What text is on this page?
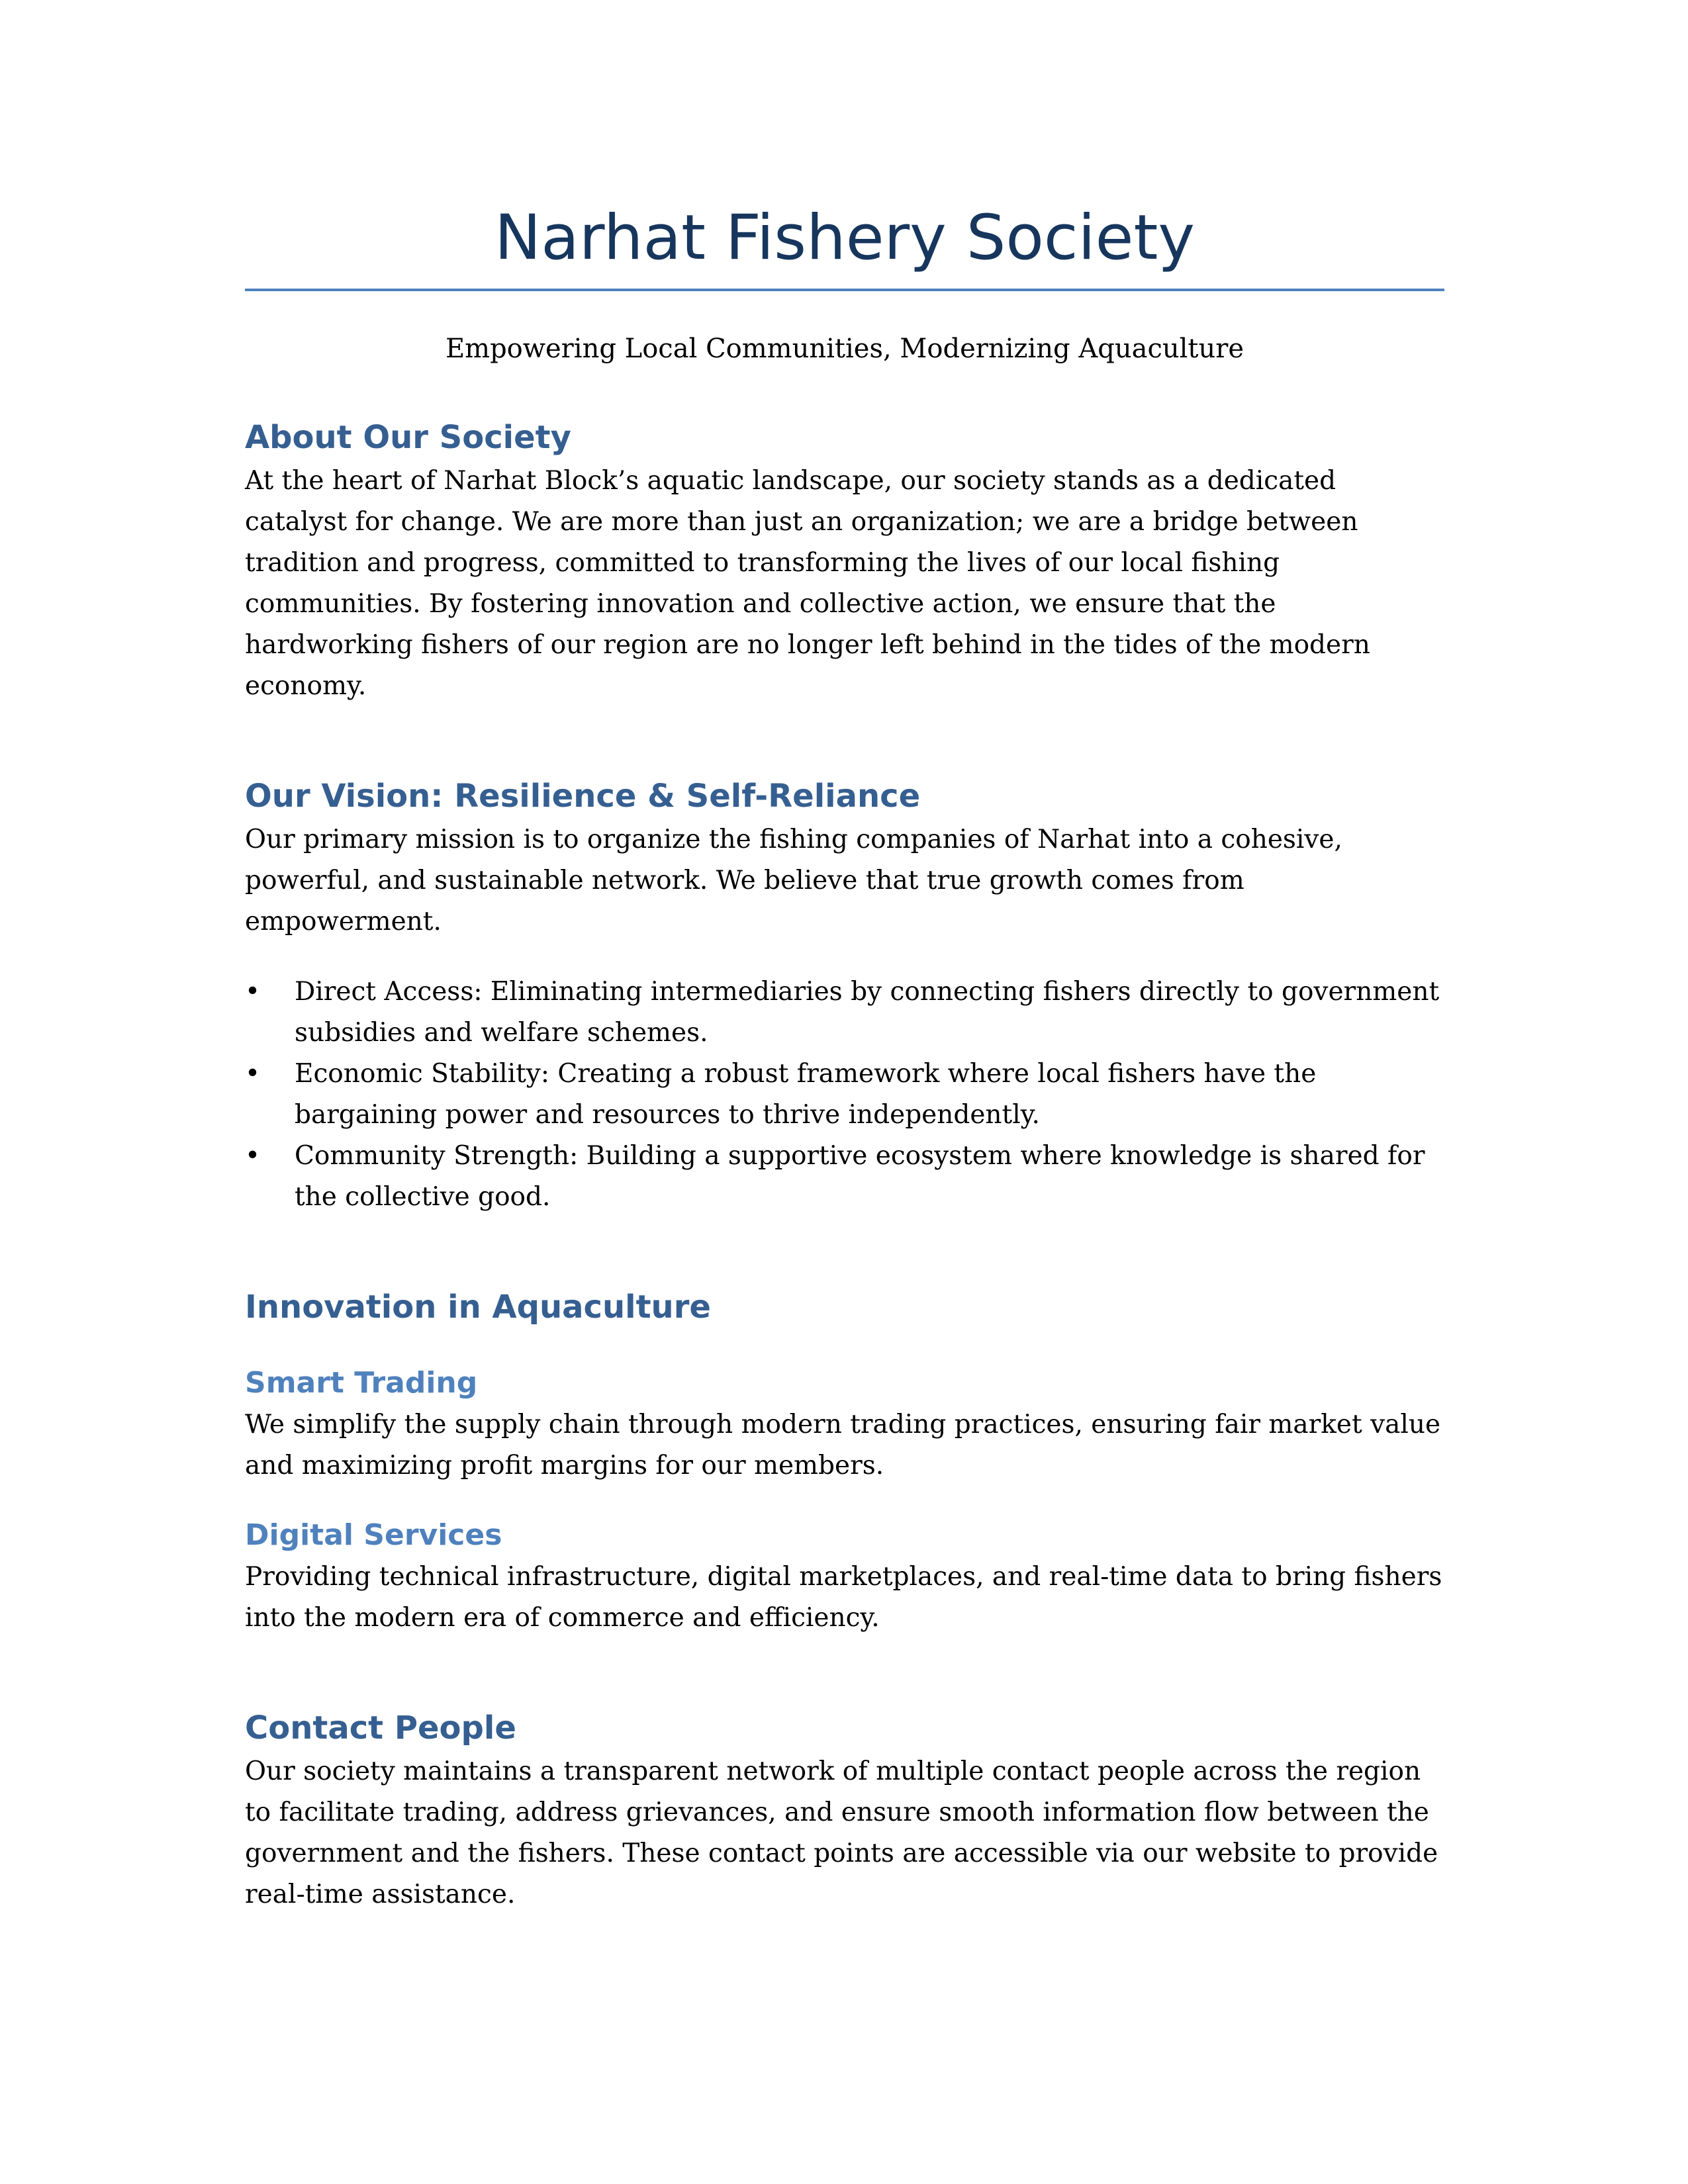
Narhat Fishery Society
Empowering Local Communities, Modernizing Aquaculture
About Our Society

At the heart of Narhat Block’s aquatic landscape, our society stands as a dedicated catalyst for change. We are more than just an organization; we are a bridge between tradition and progress, committed to transforming the lives of our local fishing communities. By fostering innovation and collective action, we ensure that the hardworking fishers of our region are no longer left behind in the tides of the modern economy.

Our Vision: Resilience & Self-Reliance

Our primary mission is to organize the fishing companies of Narhat into a cohesive, powerful, and sustainable network. We believe that true growth comes from empowerment.

• Direct Access: Eliminating intermediaries by connecting fishers directly to government subsidies and welfare schemes.
• Economic Stability: Creating a robust framework where local fishers have the bargaining power and resources to thrive independently.
• Community Strength: Building a supportive ecosystem where knowledge is shared for the collective good.
Innovation in Aquaculture
Smart Trading

We simplify the supply chain through modern trading practices, ensuring fair market value and maximizing profit margins for our members.

Digital Services

Providing technical infrastructure, digital marketplaces, and real-time data to bring fishers into the modern era of commerce and efficiency.

Contact People

Our society maintains a transparent network of multiple contact people across the region to facilitate trading, address grievances, and ensure smooth information flow between the government and the fishers. These contact points are accessible via our website to provide real-time assistance.
